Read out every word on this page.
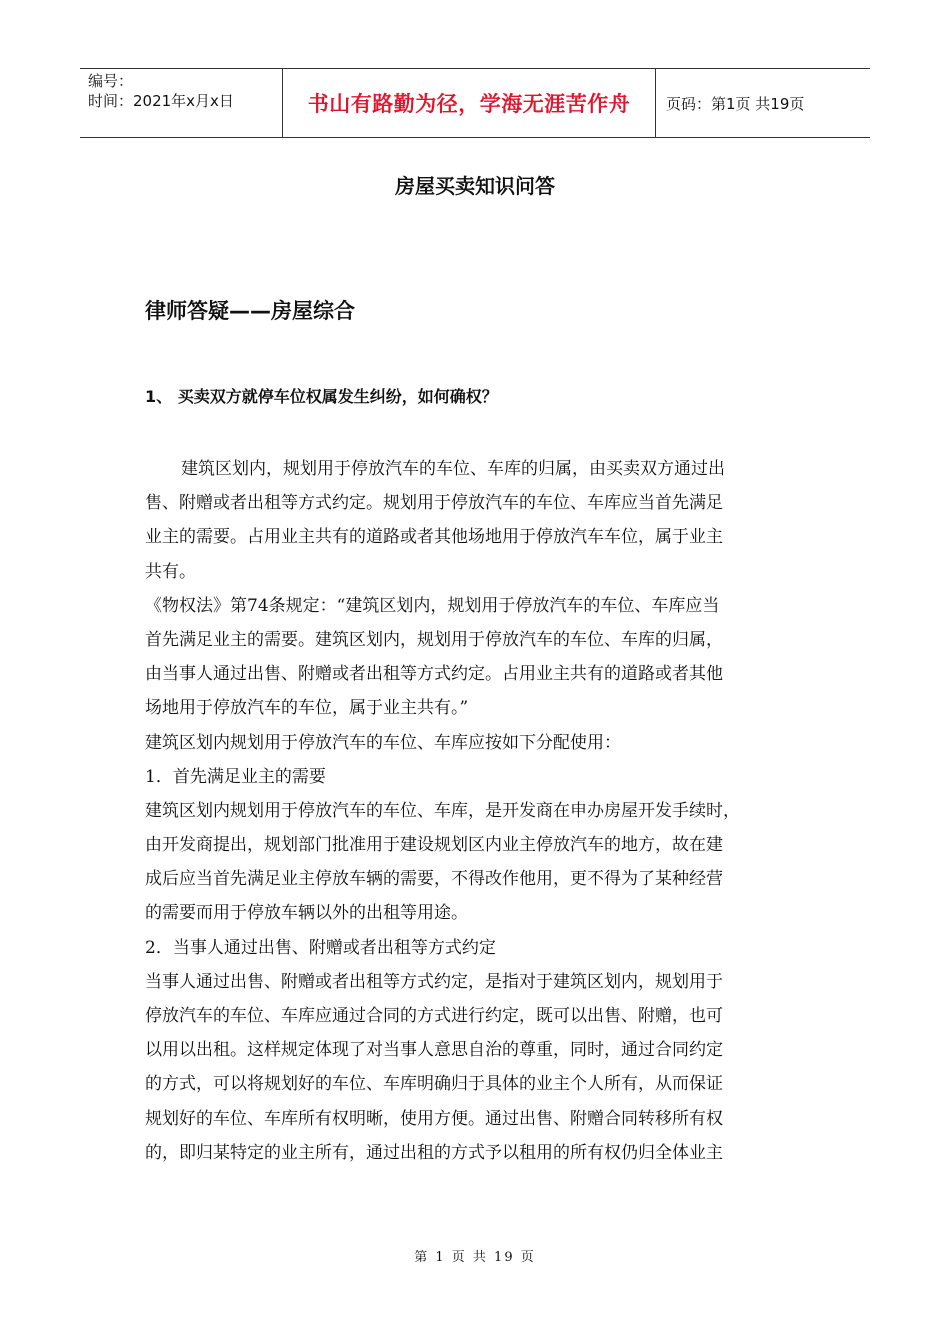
编号：
时间：2021年x月x日	书山有路勤为径，学海无涯苦作舟	页码：第1页 共19页
房屋买卖知识问答
律师答疑——房屋综合
1、 买卖双方就停车位权属发生纠纷，如何确权？
建筑区划内，规划用于停放汽车的车位、车库的归属，由买卖双方通过出
售、附赠或者出租等方式约定。规划用于停放汽车的车位、车库应当首先满足
业主的需要。占用业主共有的道路或者其他场地用于停放汽车车位，属于业主
共有。
《物权法》第74条规定：“建筑区划内，规划用于停放汽车的车位、车库应当
首先满足业主的需要。建筑区划内，规划用于停放汽车的车位、车库的归属，
由当事人通过出售、附赠或者出租等方式约定。占用业主共有的道路或者其他
场地用于停放汽车的车位，属于业主共有。”
建筑区划内规划用于停放汽车的车位、车库应按如下分配使用：
1．首先满足业主的需要
建筑区划内规划用于停放汽车的车位、车库，是开发商在申办房屋开发手续时，
由开发商提出，规划部门批准用于建设规划区内业主停放汽车的地方，故在建
成后应当首先满足业主停放车辆的需要，不得改作他用，更不得为了某种经营
的需要而用于停放车辆以外的出租等用途。
2．当事人通过出售、附赠或者出租等方式约定
当事人通过出售、附赠或者出租等方式约定，是指对于建筑区划内，规划用于
停放汽车的车位、车库应通过合同的方式进行约定，既可以出售、附赠，也可
以用以出租。这样规定体现了对当事人意思自治的尊重，同时，通过合同约定
的方式，可以将规划好的车位、车库明确归于具体的业主个人所有，从而保证
规划好的车位、车库所有权明晰，使用方便。通过出售、附赠合同转移所有权
的，即归某特定的业主所有，通过出租的方式予以租用的所有权仍归全体业主
第 1 页 共 19 页
